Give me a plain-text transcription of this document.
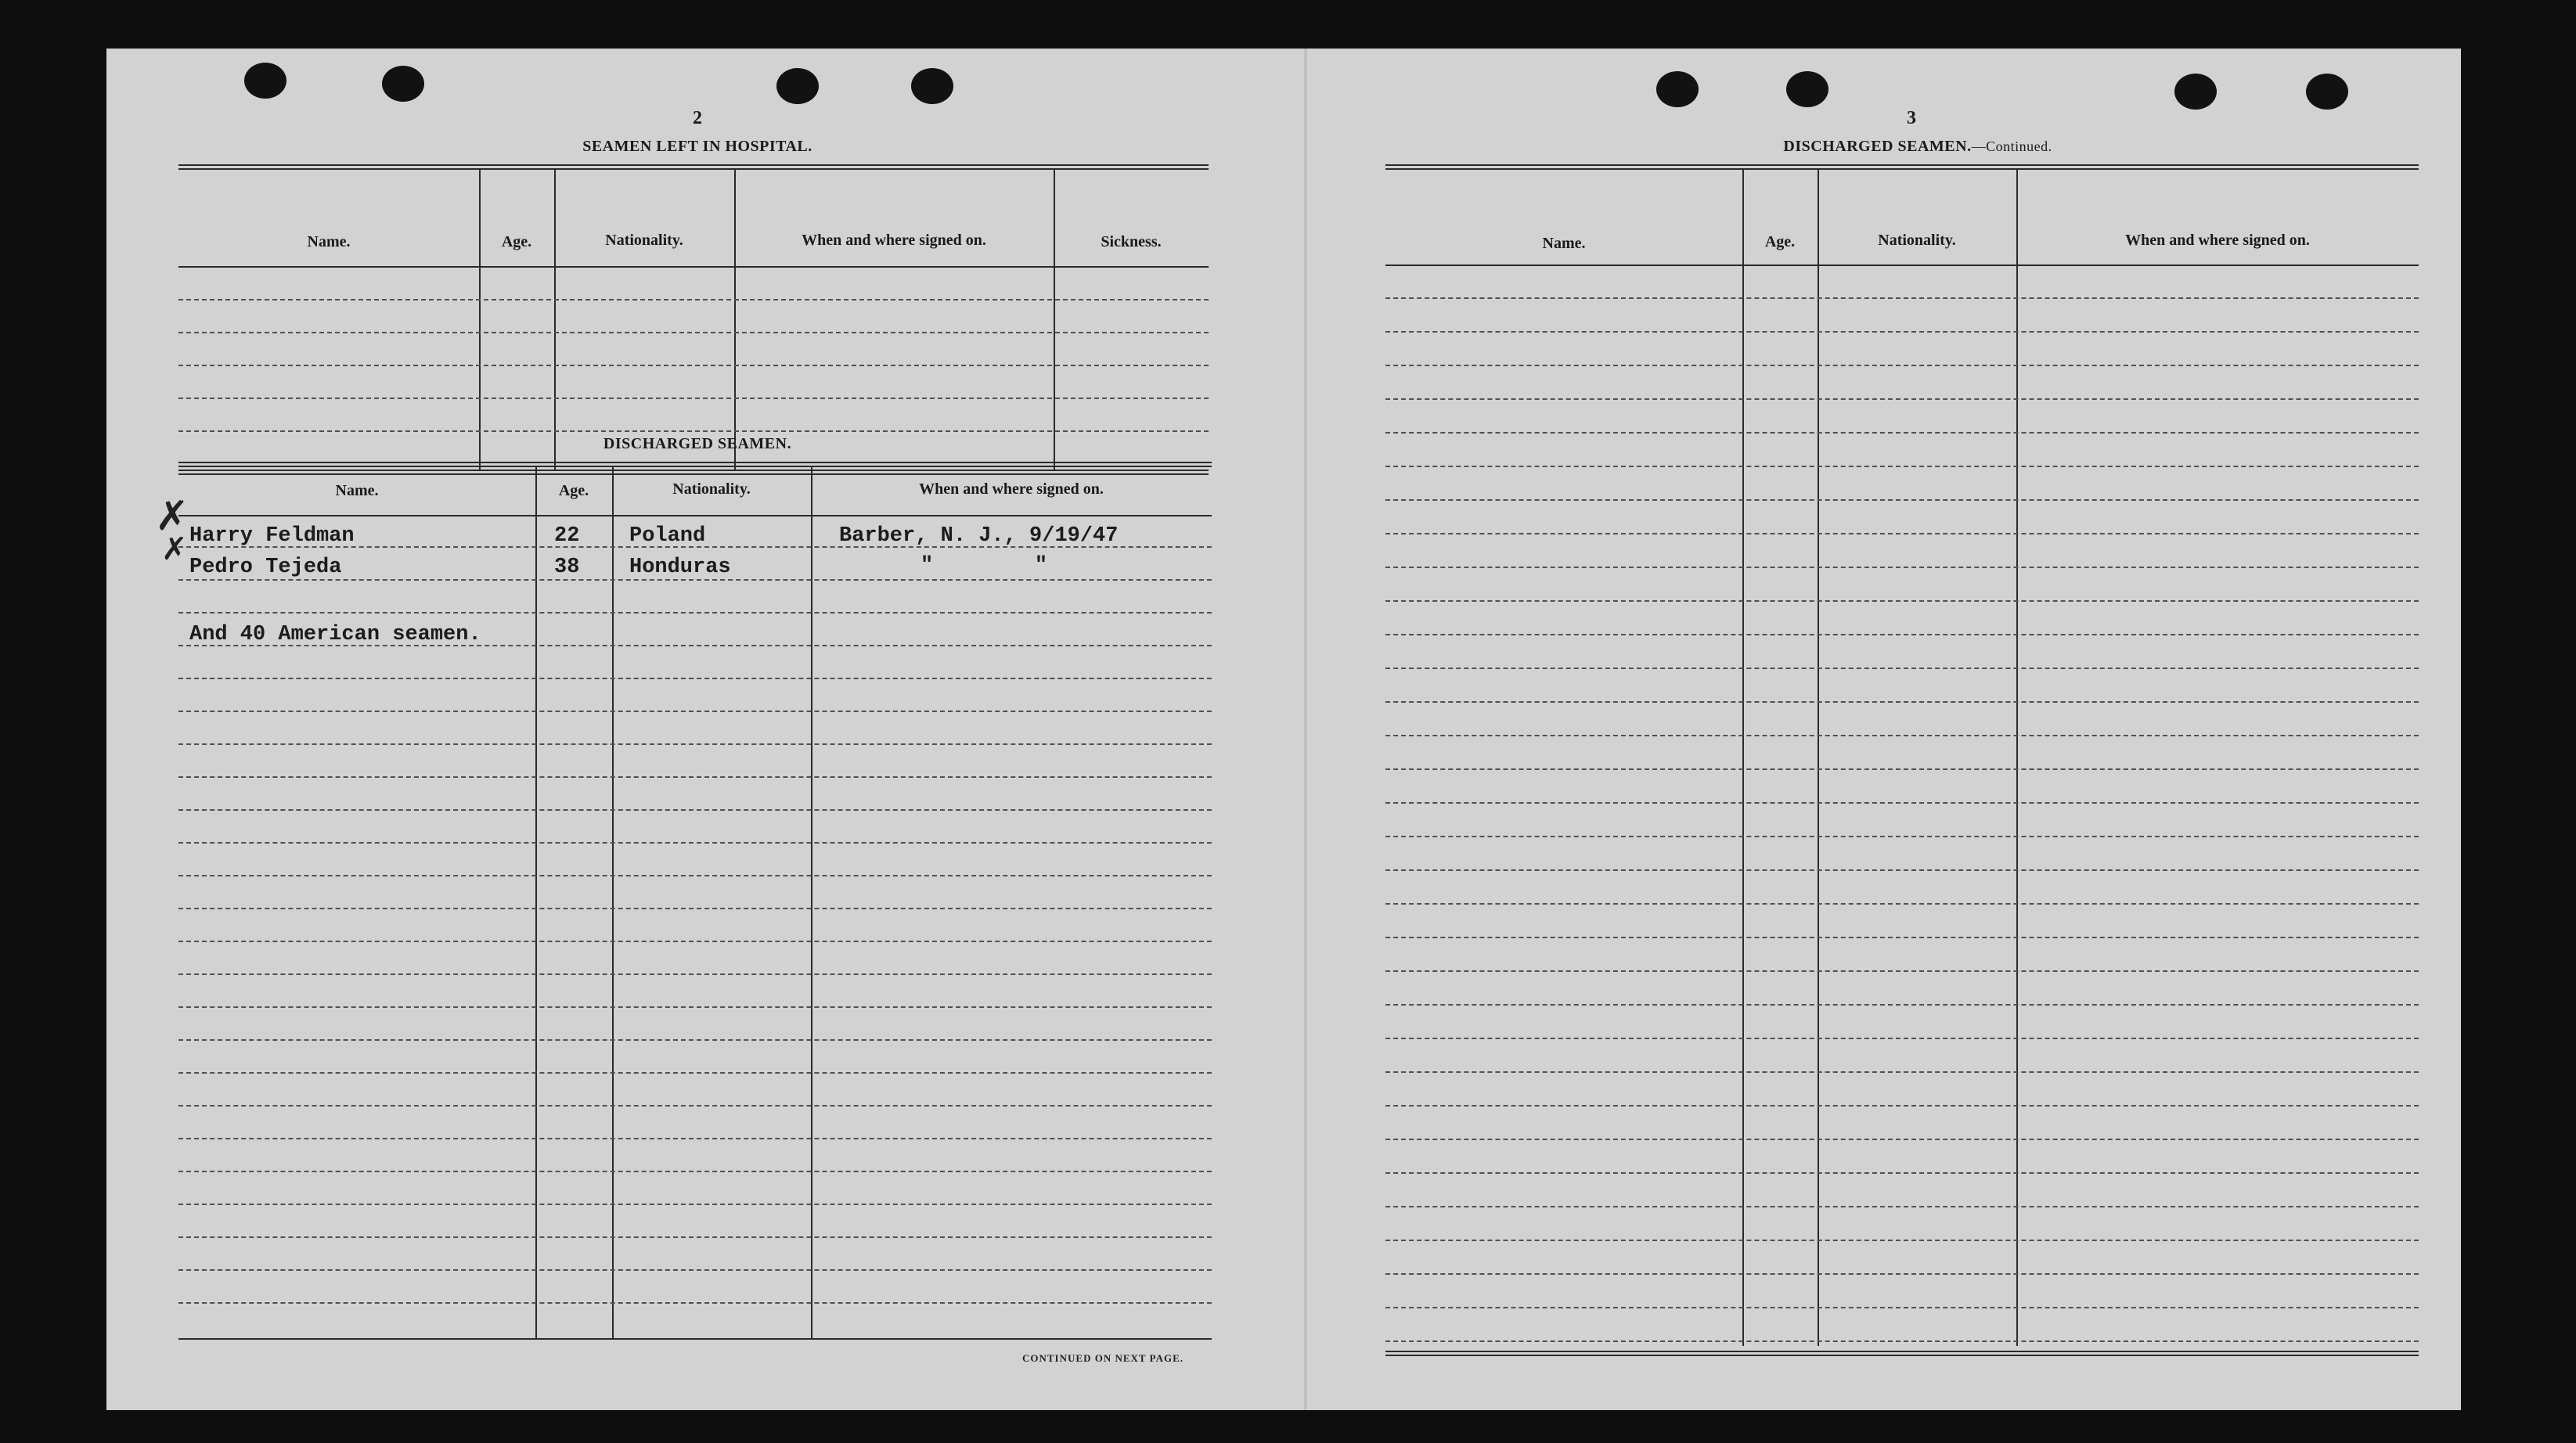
2
SEAMEN LEFT IN HOSPITAL.
Name.	Age.	Nationality.	When and where signed on.	Sickness.
DISCHARGED SEAMEN.
Name.	Age.	Nationality.	When and where signed on.
✗
✗ Harry Feldman	22 Poland	Barber, N. J., 9/19/47
Pedro Tejeda	38 Honduras	"        "
And 40 American seamen.
CONTINUED ON NEXT PAGE.
3
DISCHARGED SEAMEN.—Continued.
Name.	Age.	Nationality.	When and where signed on.
